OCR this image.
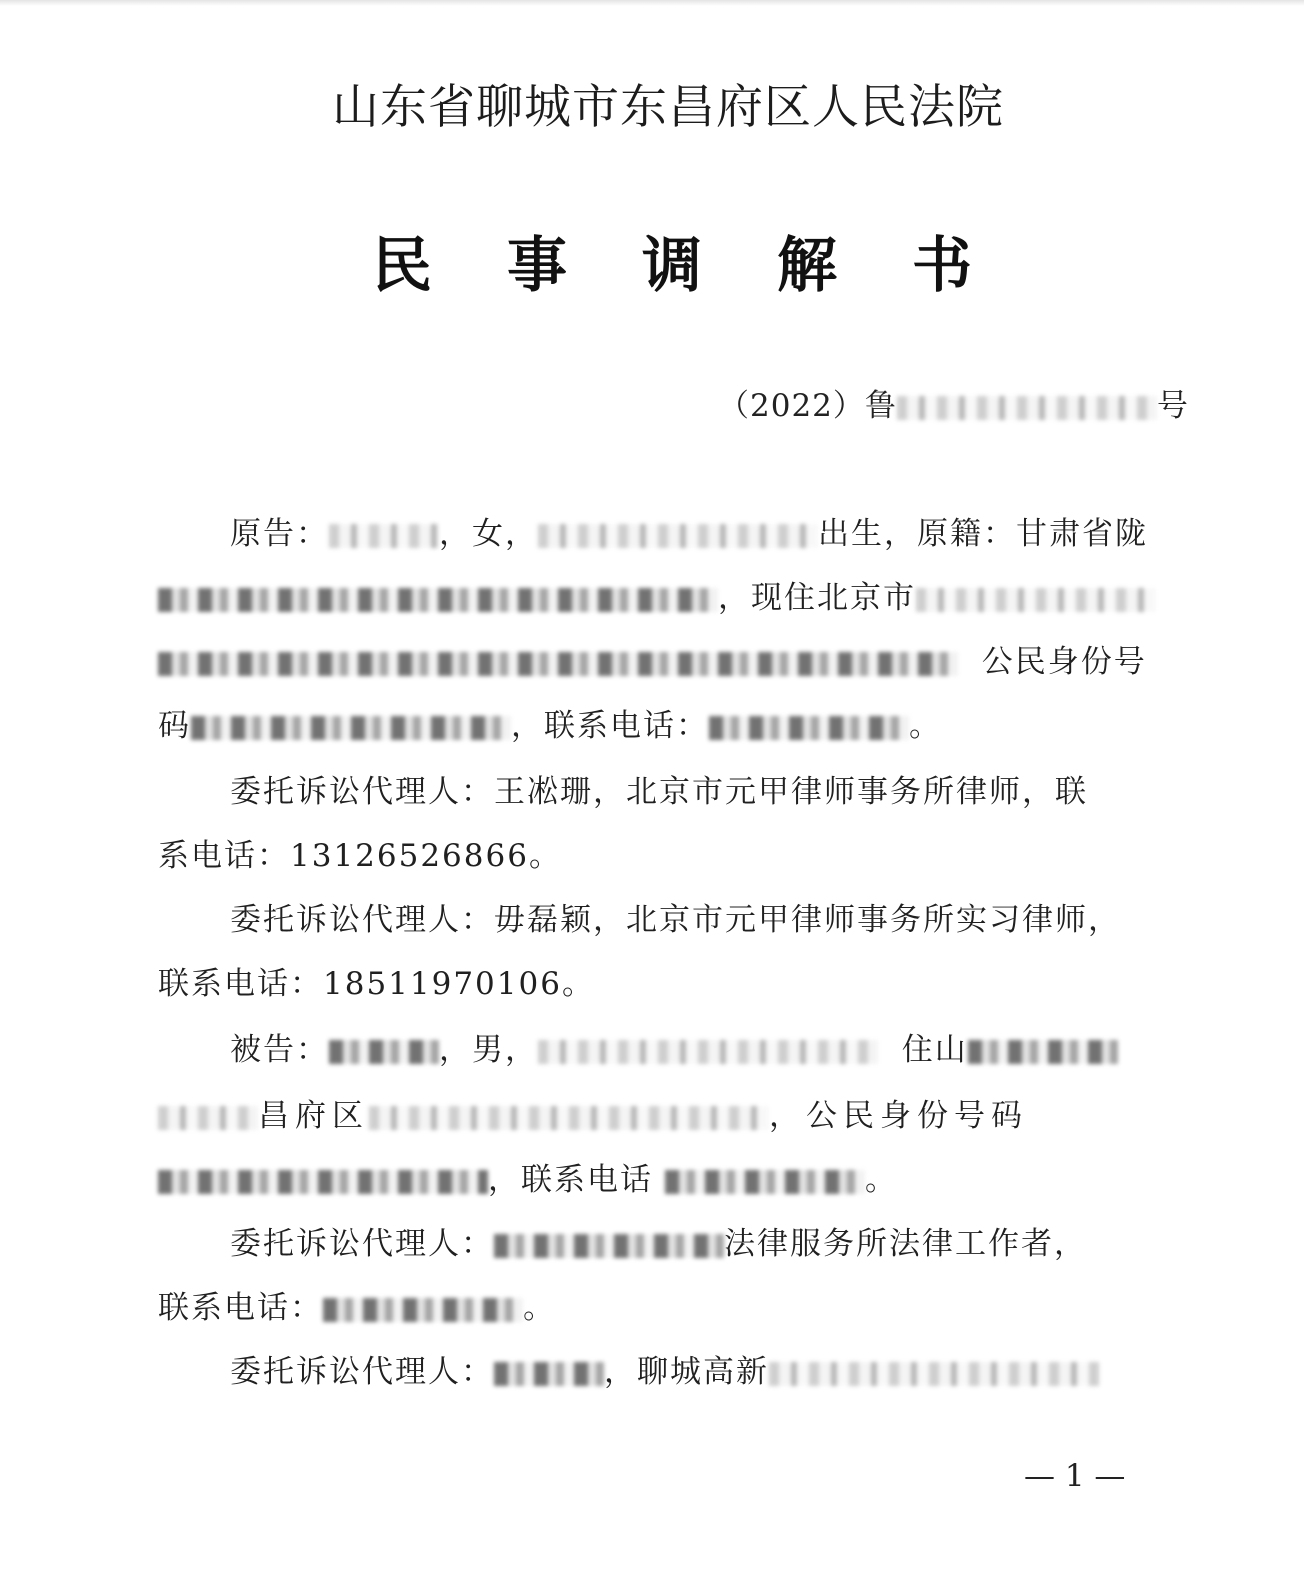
山东省聊城市东昌府区人民法院
民 事 调 解 书
（2022）鲁	号
原告：	，女，	出生，原籍：甘肃省陇
，现住北京市
公民身份号
码	，联系电话：	。
委托诉讼代理人：王凇珊，北京市元甲律师事务所律师，联
系电话：13126526866。
委托诉讼代理人：毋磊颖，北京市元甲律师事务所实习律师，
联系电话：18511970106。
被告：	，男，	住山
昌府区	，公民身份号码
，联系电话	。
委托诉讼代理人：	法律服务所法律工作者，
联系电话：	。
委托诉讼代理人：	，聊城高新
— 1 —
